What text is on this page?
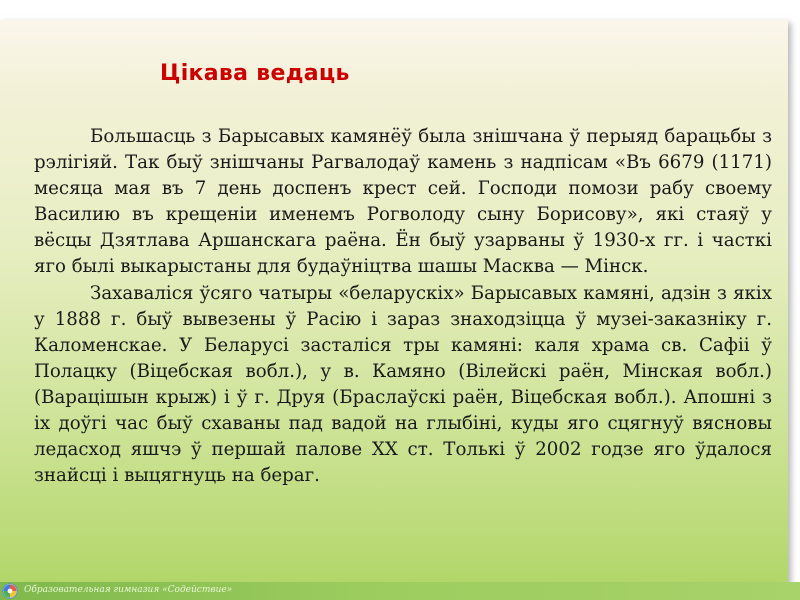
Цікава ведаць

Большасць з Барысавых камянёў была знішчана ў перыяд барацьбы з рэлігіяй. Так быў знішчаны Рагвалодаў камень з надпісам «Въ 6679 (1171) месяца мая въ 7 день доспенъ крест сей. Господи помози рабу своему Василию въ крещеніи именемъ Рогволоду сыну Борисову», які стаяў у вёсцы Дзятлава Аршанскага раёна. Ён быў узарваны ў 1930-х гг. і часткі яго былі выкарыстаны для будаўніцтва шашы Масква — Мінск.

Захаваліся ўсяго чатыры «беларускіх» Барысавых камяні, адзін з якіх у 1888 г. быў вывезены ў Расію і зараз знаходзіцца ў музеі-заказніку г. Каломенскае. У Беларусі засталіся тры камяні: каля храма св. Сафіі ў Полацку (Віцебская вобл.), у в. Камяно (Вілейскі раён, Мінская вобл.) (Варацішын крыж) і ў г. Друя (Браслаўскі раён, Віцебская вобл.). Апошні з іх доўгі час быў схаваны пад вадой на глыбіні, куды яго сцягнуў вясновы ледасход яшчэ ў першай палове XX ст. Толькі ў 2002 годзе яго ўдалося знайсці і выцягнуць на бераг.

Образовательная гимназия «Содействие»
